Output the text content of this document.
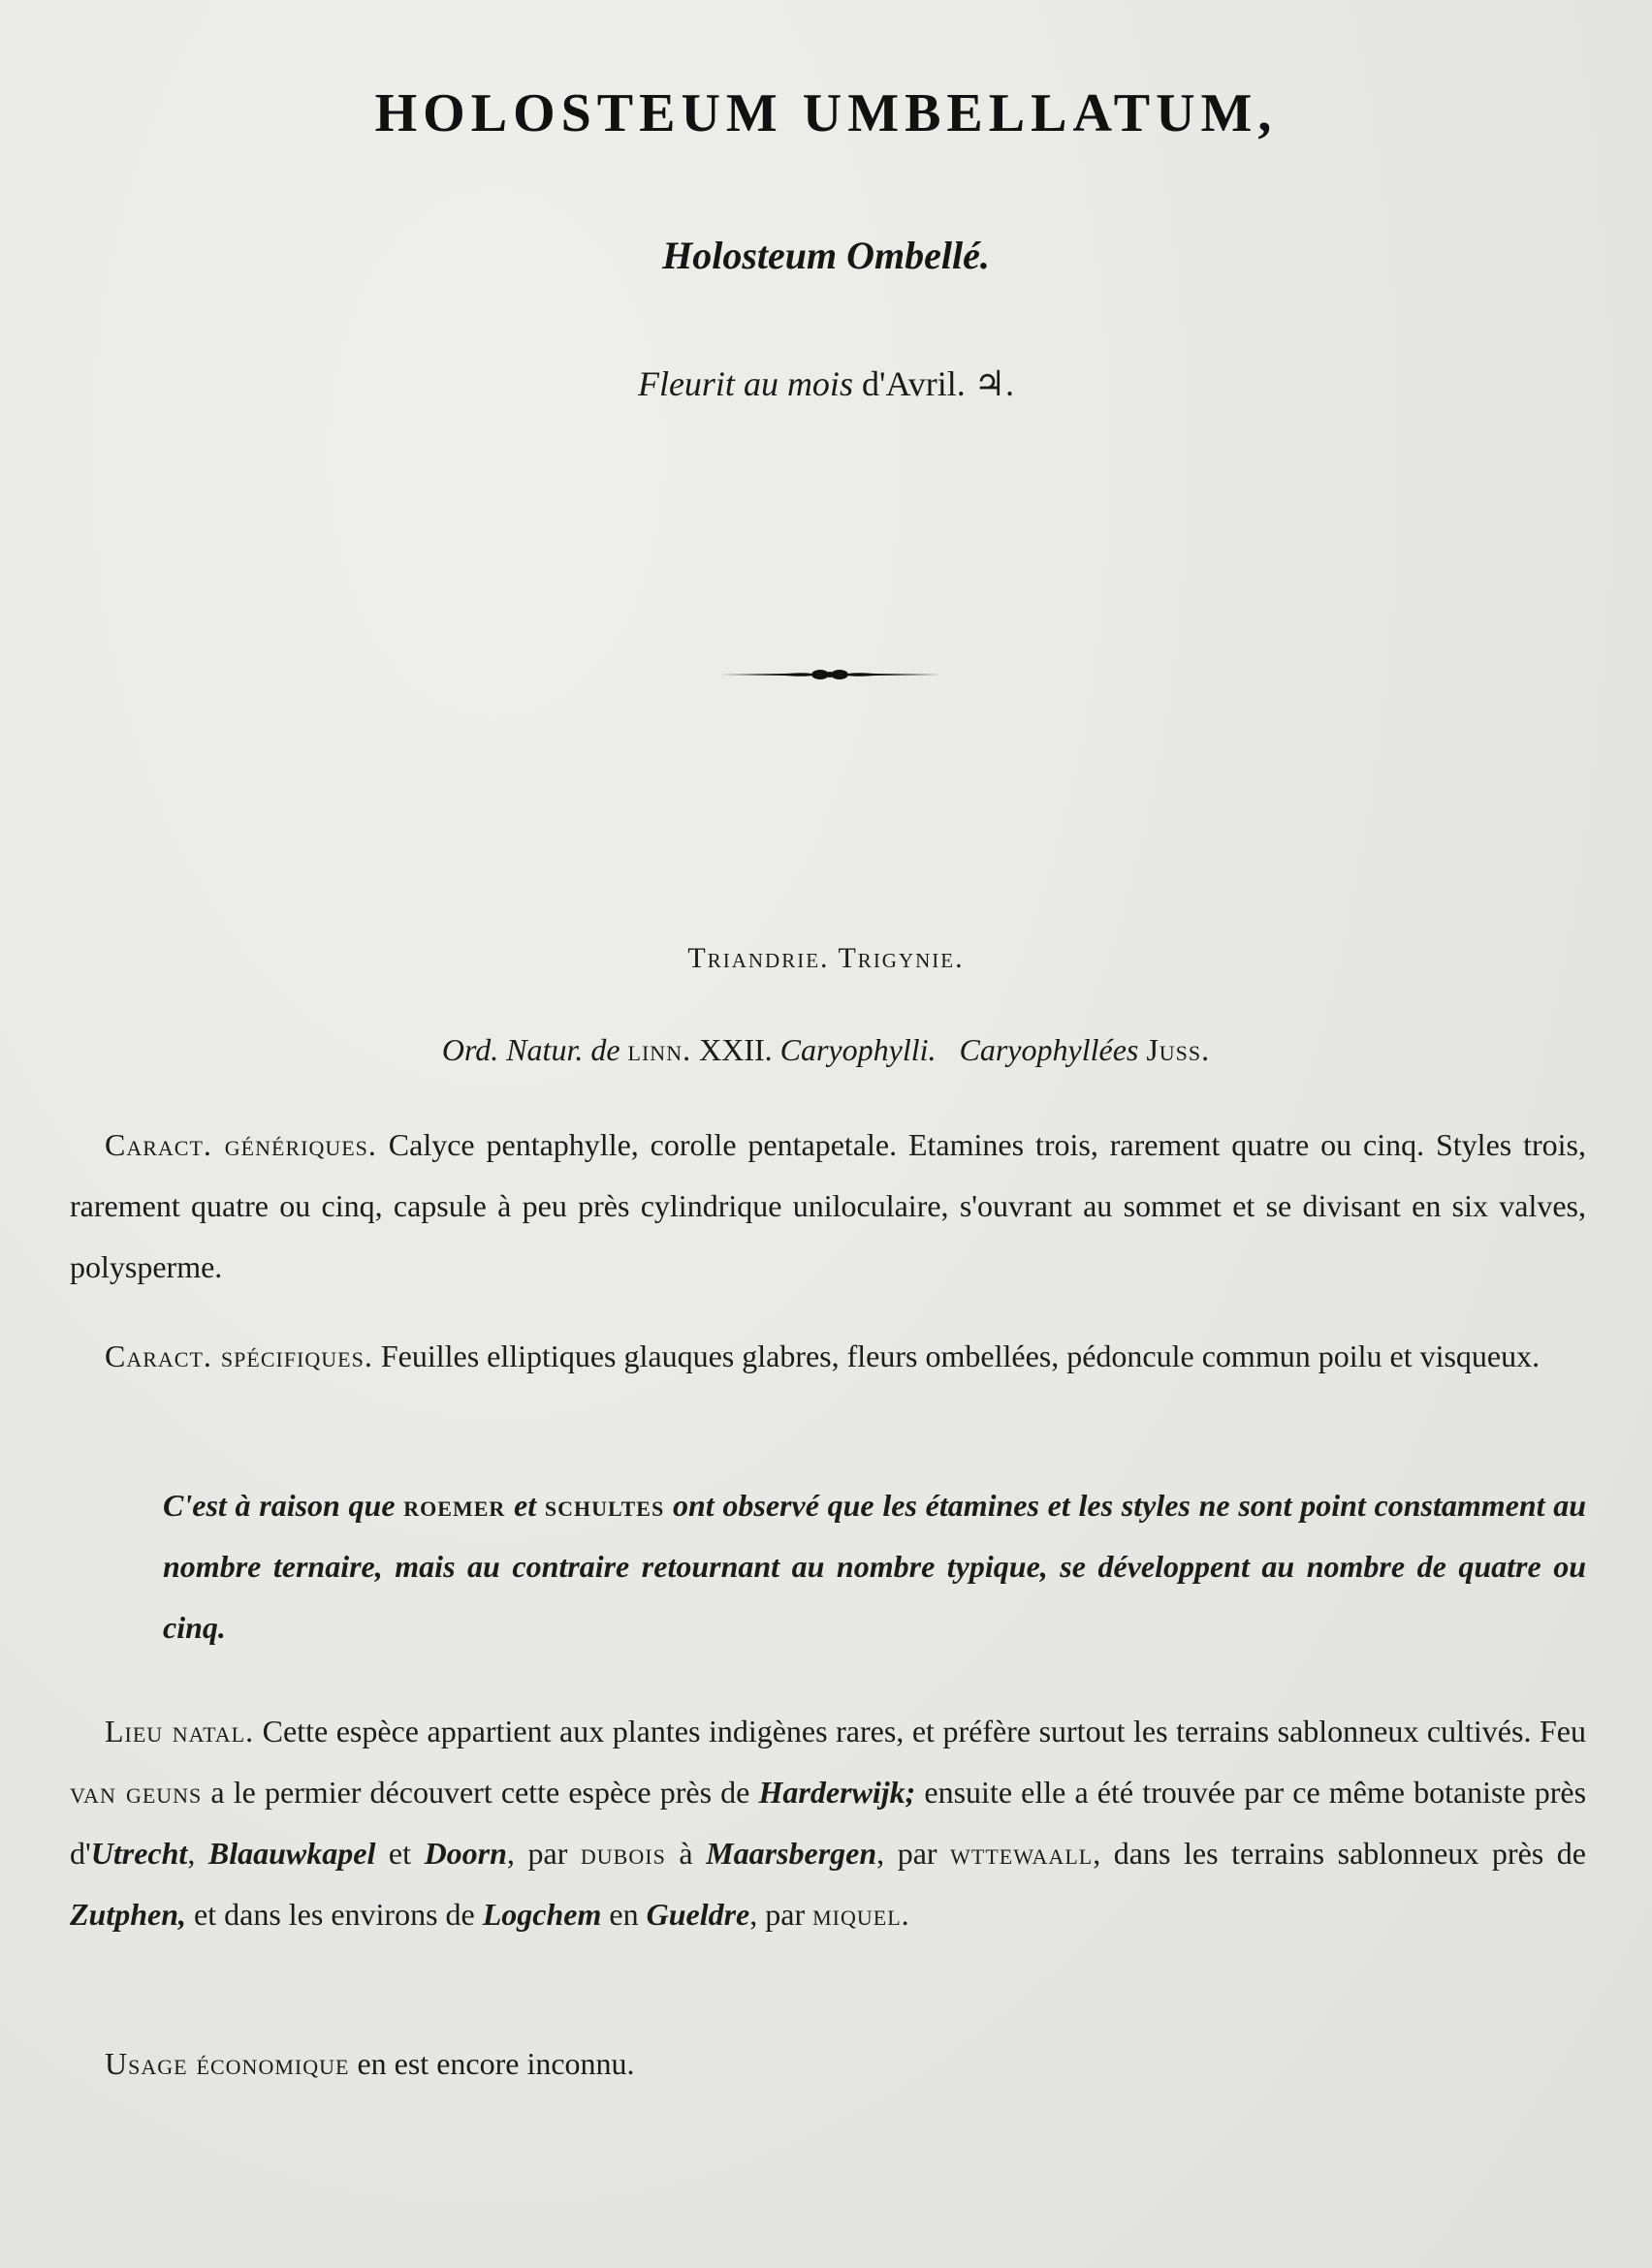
HOLOSTEUM UMBELLATUM,
Holosteum Ombellé.
Fleurit au mois d'Avril. ♃.
Triandrie. Trigynie.
Ord. Natur. de linn. XXII. Caryophylli. Caryophyllées Juss.
Caract. génériques. Calyce pentaphylle, corolle pentapetale. Etamines trois, rarement quatre ou cinq. Styles trois, rarement quatre ou cinq, capsule à peu près cylindrique uniloculaire, s'ouvrant au sommet et se divisant en six valves, polysperme.
Caract. spécifiques. Feuilles elliptiques glauques glabres, fleurs ombellées, pédoncule commun poilu et visqueux.
C'est à raison que roemer et schultes ont observé que les étamines et les styles ne sont point constamment au nombre ternaire, mais au contraire retournant au nombre typique, se développent au nombre de quatre ou cinq.
Lieu natal. Cette espèce appartient aux plantes indigènes rares, et préfère surtout les terrains sablonneux cultivés. Feu van geuns a le permier découvert cette espèce près de Harderwijk; ensuite elle a été trouvée par ce même botaniste près d'Utrecht, Blaauwkapel et Doorn, par dubois à Maarsbergen, par wttewaall, dans les terrains sablonneux près de Zutphen, et dans les environs de Logchem en Gueldre, par miquel.
Usage économique en est encore inconnu.
